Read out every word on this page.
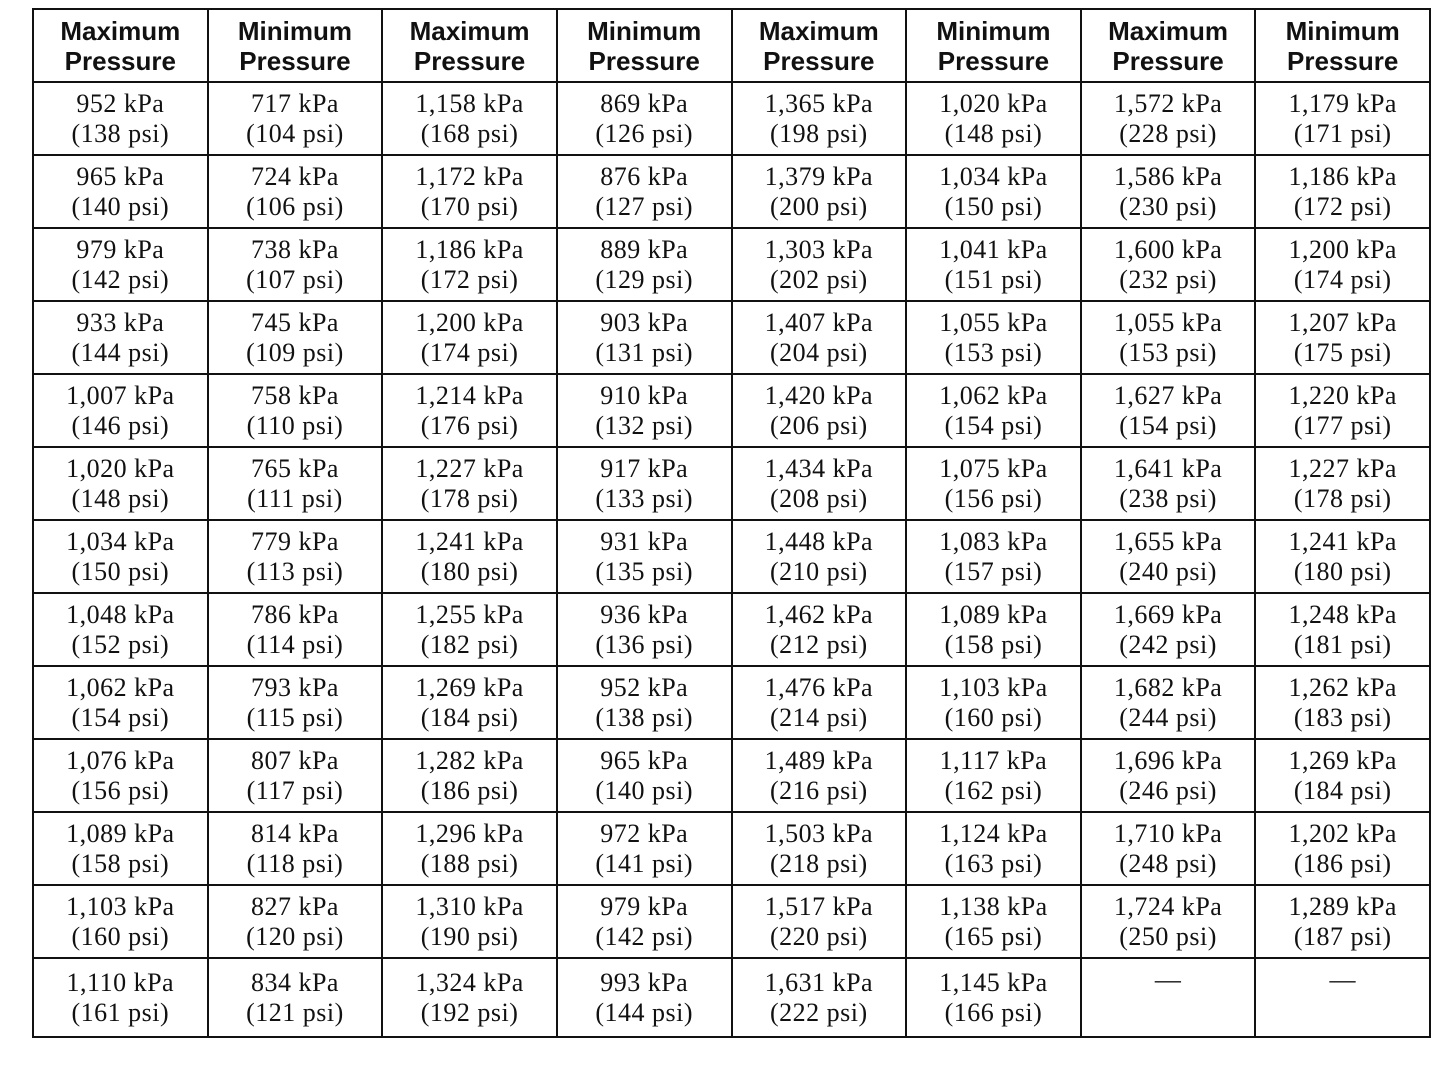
Maximum
Pressure	Minimum
Pressure	Maximum
Pressure	Minimum
Pressure	Maximum
Pressure	Minimum
Pressure	Maximum
Pressure	Minimum
Pressure

952 kPa
(138 psi)	717 kPa
(104 psi)	1,158 kPa
(168 psi)	869 kPa
(126 psi)	1,365 kPa
(198 psi)	1,020 kPa
(148 psi)	1,572 kPa
(228 psi)	1,179 kPa
(171 psi)

965 kPa
(140 psi)	724 kPa
(106 psi)	1,172 kPa
(170 psi)	876 kPa
(127 psi)	1,379 kPa
(200 psi)	1,034 kPa
(150 psi)	1,586 kPa
(230 psi)	1,186 kPa
(172 psi)

979 kPa
(142 psi)	738 kPa
(107 psi)	1,186 kPa
(172 psi)	889 kPa
(129 psi)	1,303 kPa
(202 psi)	1,041 kPa
(151 psi)	1,600 kPa
(232 psi)	1,200 kPa
(174 psi)

933 kPa
(144 psi)	745 kPa
(109 psi)	1,200 kPa
(174 psi)	903 kPa
(131 psi)	1,407 kPa
(204 psi)	1,055 kPa
(153 psi)	1,055 kPa
(153 psi)	1,207 kPa
(175 psi)

1,007 kPa
(146 psi)	758 kPa
(110 psi)	1,214 kPa
(176 psi)	910 kPa
(132 psi)	1,420 kPa
(206 psi)	1,062 kPa
(154 psi)	1,627 kPa
(154 psi)	1,220 kPa
(177 psi)

1,020 kPa
(148 psi)	765 kPa
(111 psi)	1,227 kPa
(178 psi)	917 kPa
(133 psi)	1,434 kPa
(208 psi)	1,075 kPa
(156 psi)	1,641 kPa
(238 psi)	1,227 kPa
(178 psi)

1,034 kPa
(150 psi)	779 kPa
(113 psi)	1,241 kPa
(180 psi)	931 kPa
(135 psi)	1,448 kPa
(210 psi)	1,083 kPa
(157 psi)	1,655 kPa
(240 psi)	1,241 kPa
(180 psi)

1,048 kPa
(152 psi)	786 kPa
(114 psi)	1,255 kPa
(182 psi)	936 kPa
(136 psi)	1,462 kPa
(212 psi)	1,089 kPa
(158 psi)	1,669 kPa
(242 psi)	1,248 kPa
(181 psi)

1,062 kPa
(154 psi)	793 kPa
(115 psi)	1,269 kPa
(184 psi)	952 kPa
(138 psi)	1,476 kPa
(214 psi)	1,103 kPa
(160 psi)	1,682 kPa
(244 psi)	1,262 kPa
(183 psi)

1,076 kPa
(156 psi)	807 kPa
(117 psi)	1,282 kPa
(186 psi)	965 kPa
(140 psi)	1,489 kPa
(216 psi)	1,117 kPa
(162 psi)	1,696 kPa
(246 psi)	1,269 kPa
(184 psi)

1,089 kPa
(158 psi)	814 kPa
(118 psi)	1,296 kPa
(188 psi)	972 kPa
(141 psi)	1,503 kPa
(218 psi)	1,124 kPa
(163 psi)	1,710 kPa
(248 psi)	1,202 kPa
(186 psi)

1,103 kPa
(160 psi)	827 kPa
(120 psi)	1,310 kPa
(190 psi)	979 kPa
(142 psi)	1,517 kPa
(220 psi)	1,138 kPa
(165 psi)	1,724 kPa
(250 psi)	1,289 kPa
(187 psi)

1,110 kPa
(161 psi)	834 kPa
(121 psi)	1,324 kPa
(192 psi)	993 kPa
(144 psi)	1,631 kPa
(222 psi)	1,145 kPa
(166 psi)	—	—
